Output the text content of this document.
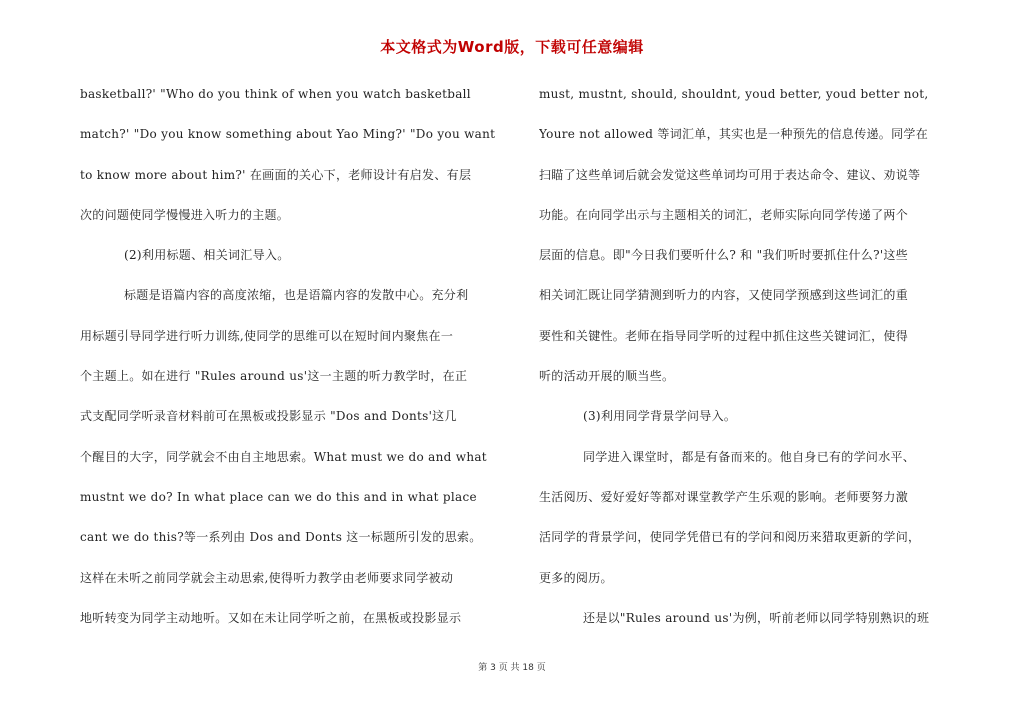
本文格式为Word版，下载可任意编辑
basketball?' "Who do you think of when you watch basketball
match?' "Do you know something about Yao Ming?' "Do you want
to know more about him?' 在画面的关心下，老师设计有启发、有层
次的问题使同学慢慢进入听力的主题。
(2)利用标题、相关词汇导入。
标题是语篇内容的高度浓缩，也是语篇内容的发散中心。充分利
用标题引导同学进行听力训练,使同学的思维可以在短时间内聚焦在一
个主题上。如在进行 "Rules around us'这一主题的听力教学时，在正
式支配同学听录音材料前可在黑板或投影显示 "Dos and Donts'这几
个醒目的大字，同学就会不由自主地思索。What must we do and what
mustnt we do? In what place can we do this and in what place
cant we do this?等一系列由 Dos and Donts 这一标题所引发的思索。
这样在未听之前同学就会主动思索,使得听力教学由老师要求同学被动
地听转变为同学主动地听。又如在未让同学听之前，在黑板或投影显示
must, mustnt, should, shouldnt, youd better, youd better not,
Youre not allowed 等词汇单，其实也是一种预先的信息传递。同学在
扫瞄了这些单词后就会发觉这些单词均可用于表达命令、建议、劝说等
功能。在向同学出示与主题相关的词汇，老师实际向同学传递了两个
层面的信息。即"今日我们要听什么? 和 "我们听时要抓住什么?'这些
相关词汇既让同学猜测到听力的内容，又使同学预感到这些词汇的重
要性和关键性。老师在指导同学听的过程中抓住这些关键词汇，使得
听的活动开展的顺当些。
(3)利用同学背景学问导入。
同学进入课堂时，都是有备而来的。他自身已有的学问水平、
生活阅历、爱好爱好等都对课堂教学产生乐观的影响。老师要努力激
活同学的背景学问，使同学凭借已有的学问和阅历来猎取更新的学问，
更多的阅历。
还是以"Rules around us'为例，听前老师以同学特别熟识的班
第 3 页 共 18 页
